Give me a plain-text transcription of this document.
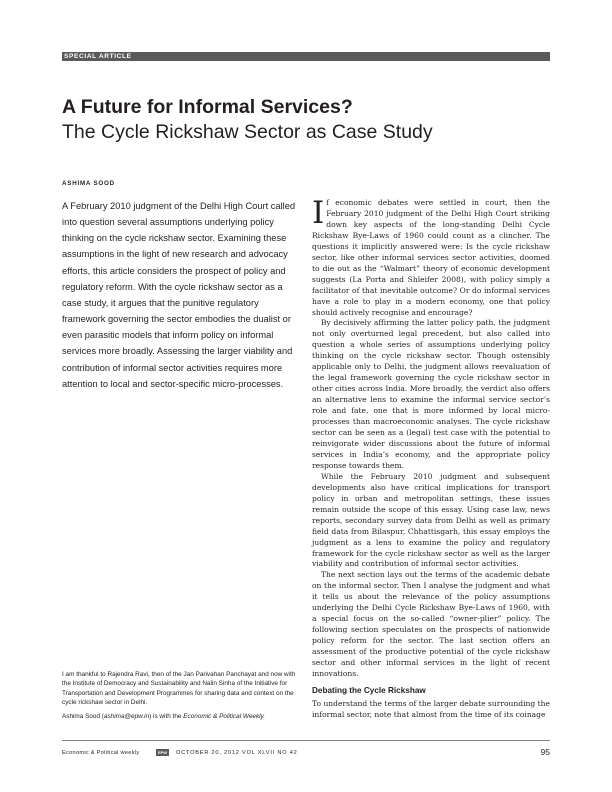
SPECIAL ARTICLE
A Future for Informal Services?
The Cycle Rickshaw Sector as Case Study
ASHIMA SOOD

A February 2010 judgment of the Delhi High Court called into question several assumptions underlying policy thinking on the cycle rickshaw sector. Examining these assumptions in the light of new research and advocacy efforts, this article considers the prospect of policy and regulatory reform. With the cycle rickshaw sector as a case study, it argues that the punitive regulatory framework governing the sector embodies the dualist or even parasitic models that inform policy on informal services more broadly. Assessing the larger viability and contribution of informal sector activities requires more attention to local and sector-specific micro-processes.

I am thankful to Rajendra Ravi, then of the Jan Parivahan Panchayat and now with the Institute of Democracy and Sustainability and Nalin Sinha of the Initiative for Transportation and Development Programmes for sharing data and context on the cycle rickshaw sector in Delhi.

Ashima Sood (ashima@epw.in) is with the Economic & Political Weekly.

If economic debates were settled in court, then the February 2010 judgment of the Delhi High Court striking down key aspects of the long-standing Delhi Cycle Rickshaw Bye-Laws of 1960 could count as a clincher. The questions it implicitly answered were: Is the cycle rickshaw sector, like other informal services sector activities, doomed to die out as the “Walmart” theory of economic development suggests (La Porta and Shleifer 2008), with policy simply a facilitator of that inevitable outcome? Or do informal services have a role to play in a modern economy, one that policy should actively recognise and encourage?

By decisively affirming the latter policy path, the judgment not only overturned legal precedent, but also called into question a whole series of assumptions underlying policy thinking on the cycle rickshaw sector. Though ostensibly applicable only to Delhi, the judgment allows reevaluation of the legal framework governing the cycle rickshaw sector in other cities across India. More broadly, the verdict also offers an alternative lens to examine the informal service sector’s role and fate, one that is more informed by local micro-processes than macroeconomic analyses. The cycle rickshaw sector can be seen as a (legal) test case with the potential to reinvigorate wider discussions about the future of informal services in India’s economy, and the appropriate policy response towards them.

While the February 2010 judgment and subsequent developments also have critical implications for transport policy in urban and metropolitan settings, these issues remain outside the scope of this essay. Using case law, news reports, secondary survey data from Delhi as well as primary field data from Bilaspur, Chhattisgarh, this essay employs the judgment as a lens to examine the policy and regulatory framework for the cycle rickshaw sector as well as the larger viability and contribution of informal sector activities.

The next section lays out the terms of the academic debate on the informal sector. Then I analyse the judgment and what it tells us about the relevance of the policy assumptions underlying the Delhi Cycle Rickshaw Bye-Laws of 1960, with a special focus on the so-called “owner-plier” policy. The following section speculates on the prospects of nationwide policy reform for the sector. The last section offers an assessment of the productive potential of the cycle rickshaw sector and other informal services in the light of recent innovations.

Debating the Cycle Rickshaw

To understand the terms of the larger debate surrounding the informal sector, note that almost from the time of its coinage

Economic & Political weekly	EPW	OCTOBER 20, 2012 VOL XLVII NO 42	95
